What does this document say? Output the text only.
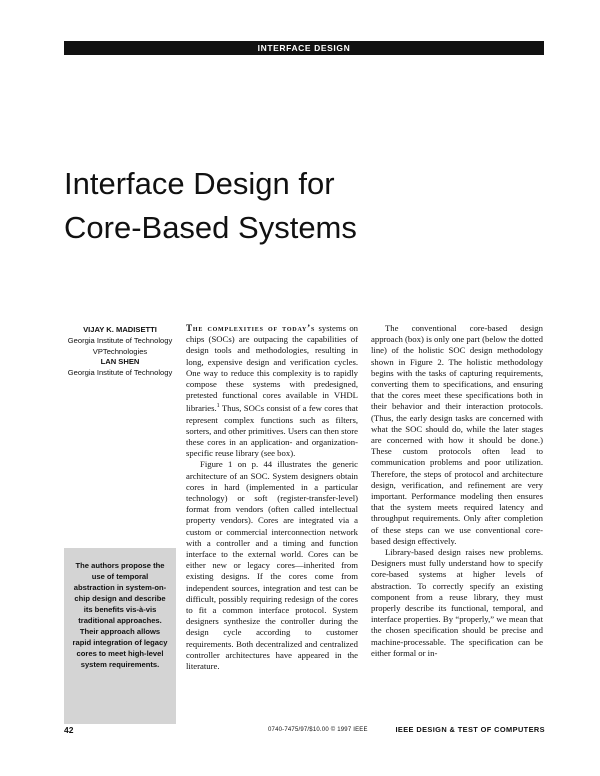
INTERFACE DESIGN
Interface Design for
Core-Based Systems
VIJAY K. MADISETTI
Georgia Institute of Technology
VPTechnologies
LAN SHEN
Georgia Institute of Technology

The authors propose the use of temporal abstraction in system-on-chip design and describe its benefits vis-à-vis traditional approaches. Their approach allows rapid integration of legacy cores to meet high-level system requirements.

The complexities of today’s systems on chips (SOCs) are outpacing the capabilities of design tools and methodologies, resulting in long, expensive design and verification cycles. One way to reduce this complexity is to rapidly compose these systems with predesigned, pretested functional cores available in VHDL libraries.$^1$ Thus, SOCs consist of a few cores that represent complex functions such as filters, sorters, and other primitives. Users can then store these cores in an application- and organization-specific reuse library (see box).

Figure 1 on p. 44 illustrates the generic architecture of an SOC. System designers obtain cores in hard (implemented in a particular technology) or soft (register-transfer-level) format from vendors (often called intellectual property vendors). Cores are integrated via a custom or commercial interconnection network with a controller and a timing and function interface to the external world. Cores can be either new or legacy cores—inherited from existing designs. If the cores come from independent sources, integration and test can be difficult, possibly requiring redesign of the cores to fit a common interface protocol. System designers synthesize the controller during the design cycle according to customer requirements. Both decentralized and centralized controller architectures have appeared in the literature.

The conventional core-based design approach (box) is only one part (below the dotted line) of the holistic SOC design methodology shown in Figure 2. The holistic methodology begins with the tasks of capturing requirements, converting them to specifications, and ensuring that the cores meet these specifications both in their behavior and their interaction protocols. (Thus, the early design tasks are concerned with what the SOC should do, while the later stages are concerned with how it should be done.) These custom protocols often lead to communication problems and poor utilization. Therefore, the steps of protocol and architecture design, verification, and refinement are very important. Performance modeling then ensures that the system meets required latency and throughput requirements. Only after completion of these steps can we use conventional core-based design effectively.

Library-based design raises new problems. Designers must fully understand how to specify core-based systems at higher levels of abstraction. To correctly specify an existing component from a reuse library, they must properly describe its functional, temporal, and interface properties. By “properly,” we mean that the chosen specification should be precise and machine-processable. The specification can be either formal or in-

42	0740-7475/97/$10.00 © 1997 IEEE	IEEE DESIGN & TEST OF COMPUTERS
